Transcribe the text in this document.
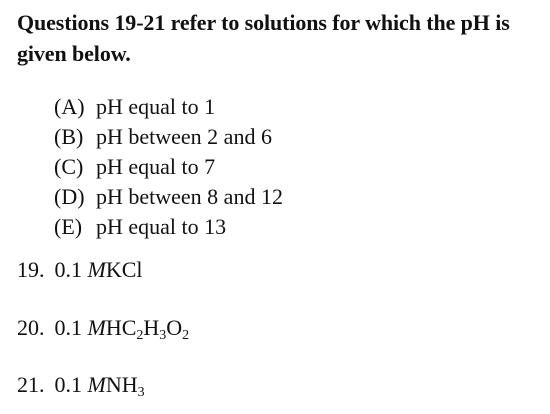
Questions 19-21 refer to solutions for which the pH is given below.
(A) pH equal to 1
(B) pH between 2 and 6
(C) pH equal to 7
(D) pH between 8 and 12
(E) pH equal to 13
19. 0.1 MKCl
20. 0.1 $MHC_2H_3O_2$
21. 0.1 $MNH_3$
